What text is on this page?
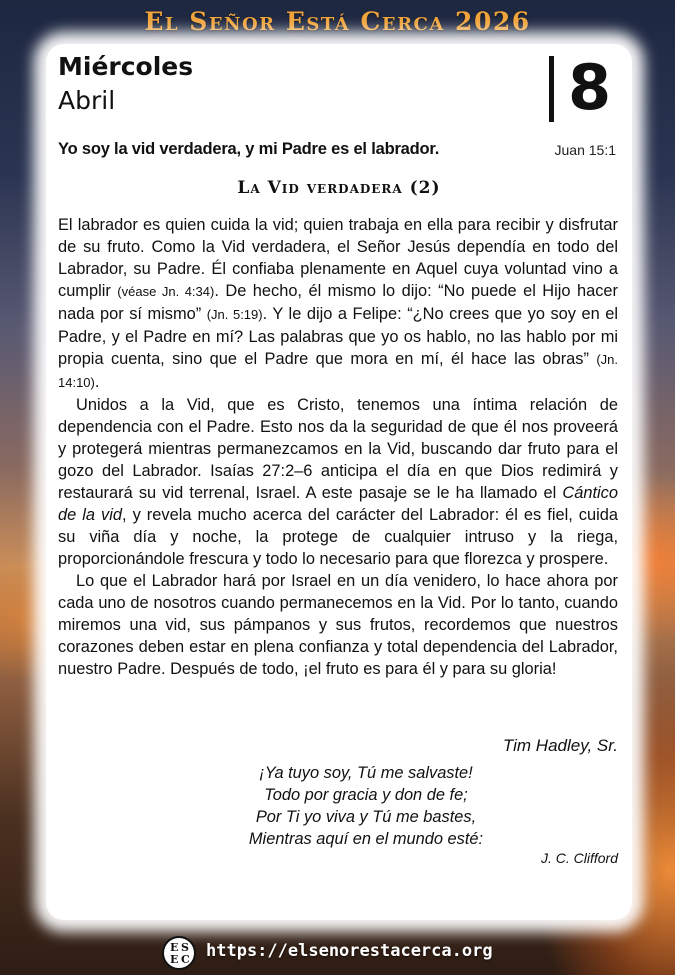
El Señor Está Cerca 2026
Miércoles
Abril	8
Yo soy la vid verdadera, y mi Padre es el labrador.	Juan 15:1
La Vid verdadera (2)

El labrador es quien cuida la vid; quien trabaja en ella para recibir y disfrutar de su fruto. Como la Vid verdadera, el Señor Jesús dependía en todo del Labrador, su Padre. Él confiaba plenamente en Aquel cuya voluntad vino a cumplir (véase Jn. 4:34). De hecho, él mismo lo dijo: “No puede el Hijo hacer nada por sí mismo” (Jn. 5:19). Y le dijo a Felipe: “¿No crees que yo soy en el Padre, y el Padre en mí? Las palabras que yo os hablo, no las hablo por mi propia cuenta, sino que el Padre que mora en mí, él hace las obras” (Jn. 14:10).

Unidos a la Vid, que es Cristo, tenemos una íntima relación de dependencia con el Padre. Esto nos da la seguridad de que él nos proveerá y protegerá mientras permanezcamos en la Vid, buscando dar fruto para el gozo del Labrador. Isaías 27:2–6 anticipa el día en que Dios redimirá y restaurará su vid terrenal, Israel. A este pasaje se le ha llamado el Cántico de la vid, y revela mucho acerca del carácter del Labrador: él es fiel, cuida su viña día y noche, la protege de cualquier intruso y la riega, proporcionándole frescura y todo lo necesario para que florezca y prospere.

Lo que el Labrador hará por Israel en un día venidero, lo hace ahora por cada uno de nosotros cuando permanecemos en la Vid. Por lo tanto, cuando miremos una vid, sus pámpanos y sus frutos, recordemos que nuestros corazones deben estar en plena confianza y total dependencia del Labrador, nuestro Padre. Después de todo, ¡el fruto es para él y para su gloria!

Tim Hadley, Sr.
¡Ya tuyo soy, Tú me salvaste!
Todo por gracia y don de fe;
Por Ti yo viva y Tú me bastes,
Mientras aquí en el mundo esté:
J. C. Clifford
E S
E C https://elsenorestacerca.org
